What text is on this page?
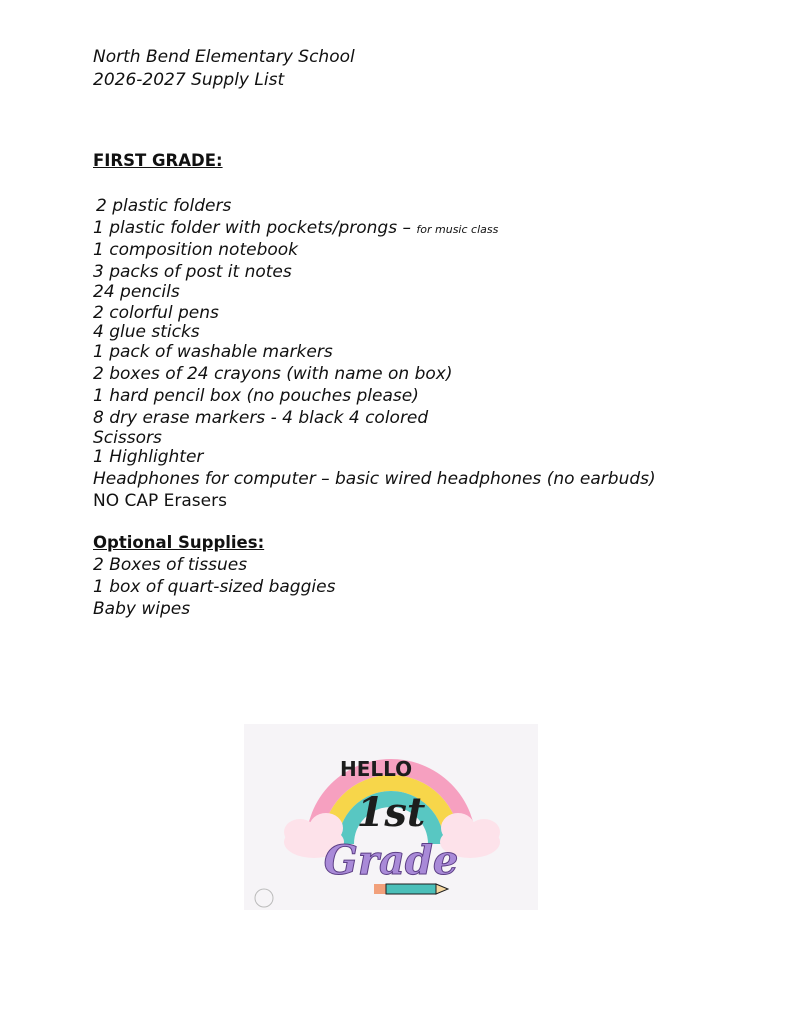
North Bend Elementary School
2026-2027 Supply List
FIRST GRADE:
2 plastic folders
1 plastic folder with pockets/prongs – for music class
1 composition notebook
3 packs of post it notes
24 pencils
2 colorful pens
4 glue sticks
1 pack of washable markers
2 boxes of 24 crayons (with name on box)
1 hard pencil box (no pouches please)
8 dry erase markers - 4 black 4 colored
Scissors
1 Highlighter
Headphones for computer – basic wired headphones (no earbuds)
NO CAP Erasers
Optional Supplies:
2 Boxes of tissues
1 box of quart-sized baggies
Baby wipes
HELLO
1st
Grade
